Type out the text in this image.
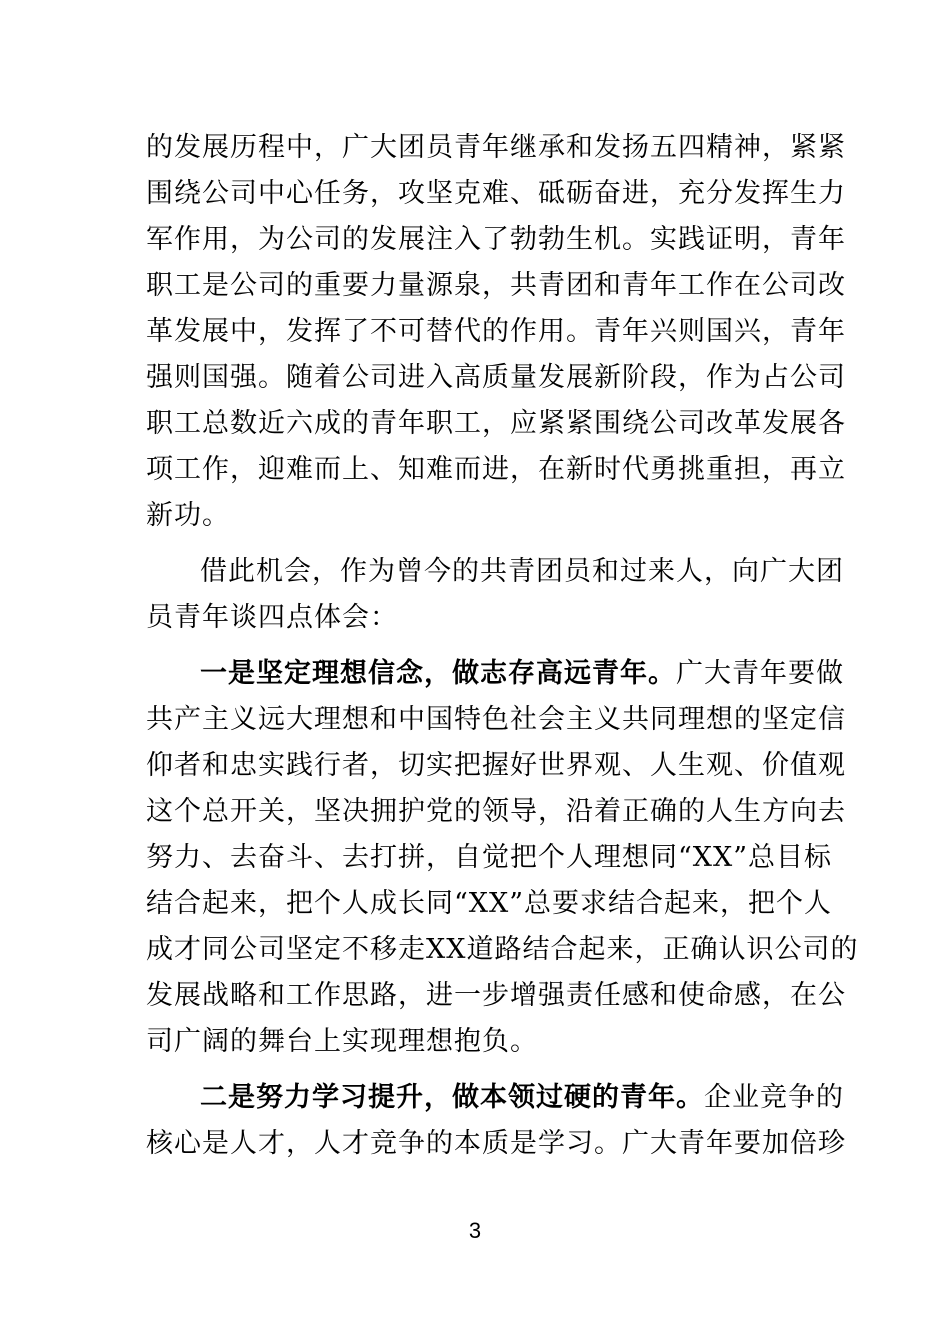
的发展历程中，广大团员青年继承和发扬五四精神，紧紧
围绕公司中心任务，攻坚克难、砥砺奋进，充分发挥生力
军作用，为公司的发展注入了勃勃生机。实践证明，青年
职工是公司的重要力量源泉，共青团和青年工作在公司改
革发展中，发挥了不可替代的作用。青年兴则国兴，青年
强则国强。随着公司进入高质量发展新阶段，作为占公司
职工总数近六成的青年职工，应紧紧围绕公司改革发展各
项工作，迎难而上、知难而进，在新时代勇挑重担，再立
新功。
借此机会，作为曾今的共青团员和过来人，向广大团
员青年谈四点体会：
一是坚定理想信念，做志存高远青年。广大青年要做
共产主义远大理想和中国特色社会主义共同理想的坚定信
仰者和忠实践行者，切实把握好世界观、人生观、价值观
这个总开关，坚决拥护党的领导，沿着正确的人生方向去
努力、去奋斗、去打拼，自觉把个人理想同“XX”总目标
结合起来，把个人成长同“XX”总要求结合起来，把个人
成才同公司坚定不移走XX道路结合起来，正确认识公司的
发展战略和工作思路，进一步增强责任感和使命感，在公
司广阔的舞台上实现理想抱负。
二是努力学习提升，做本领过硬的青年。企业竞争的
核心是人才，人才竞争的本质是学习。广大青年要加倍珍
3
